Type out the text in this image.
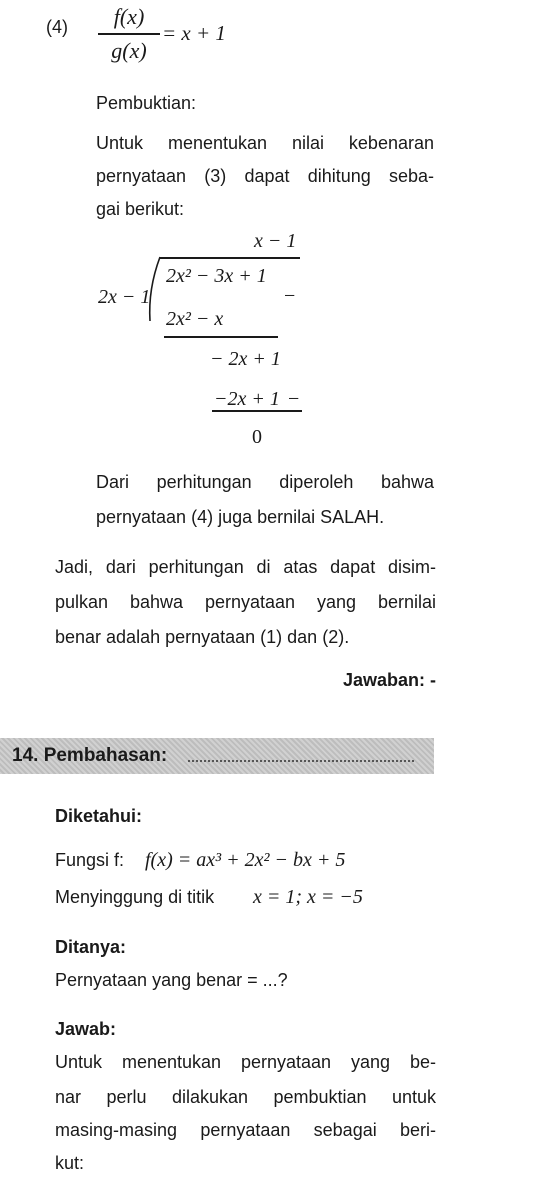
(4)	f(x)
g(x)
= x + 1
Pembuktian:
Untuk menentukan nilai kebenaran
pernyataan (3) dapat dihitung seba-
gai berikut:
x − 1
2x − 1
2x² − 3x + 1
−
2x² − x
− 2x + 1
−2x + 1 −
0
Dari perhitungan diperoleh bahwa
pernyataan (4) juga bernilai SALAH.
Jadi, dari perhitungan di atas dapat disim-
pulkan bahwa pernyataan yang bernilai
benar adalah pernyataan (1) dan (2).
Jawaban: -
14. Pembahasan:
Diketahui:
Fungsi f: f(x) = ax³ + 2x² − bx + 5
Menyinggung di titik x = 1; x = −5
Ditanya:
Pernyataan yang benar = ...?
Jawab:
Untuk menentukan pernyataan yang be-
nar perlu dilakukan pembuktian untuk
masing-masing pernyataan sebagai beri-
kut:
